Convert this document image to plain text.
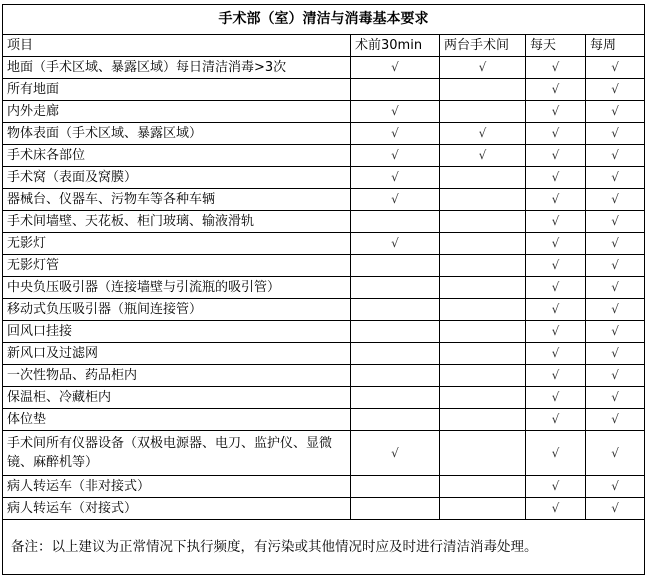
手术部（室）清洁与消毒基本要求				
项目	术前30min	两台手术间	每天	每周
地面（手术区域、暴露区域）每日清洁消毒>3次	√	√	√	√
所有地面			√	√
内外走廊	√		√	√
物体表面（手术区域、暴露区域）	√	√	√	√
手术床各部位	√	√	√	√
手术窝（表面及窝膜）	√		√	√
器械台、仪器车、污物车等各种车辆	√		√	√
手术间墙壁、天花板、柜门玻璃、输液滑轨			√	√
无影灯	√		√	√
无影灯管			√	√
中央负压吸引器（连接墙壁与引流瓶的吸引管）			√	√
移动式负压吸引器（瓶间连接管）			√	√
回风口挂接			√	√
新风口及过滤网			√	√
一次性物品、药品柜内			√	√
保温柜、冷藏柜内			√	√
体位垫			√	√
手术间所有仪器设备（双极电源器、电刀、监护仪、显微镜、麻醉机等）	√		√	√
病人转运车（非对接式）			√	√
病人转运车（对接式）			√	√
备注：以上建议为正常情况下执行频度，有污染或其他情况时应及时进行清洁消毒处理。				
